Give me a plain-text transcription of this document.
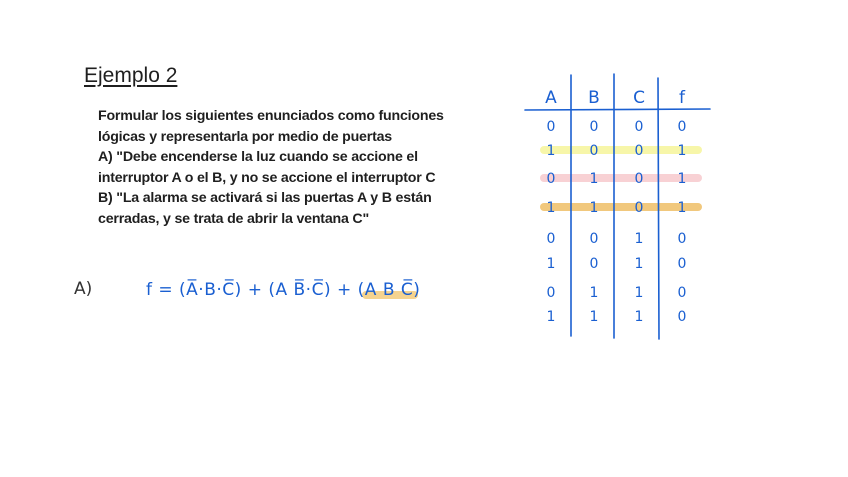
Ejemplo 2
Formular los siguientes enunciados como funciones
lógicas y representarla por medio de puertas
A) "Debe encenderse la luz cuando se accione el
interruptor A o el B, y no se accione el interruptor C
B) "La alarma se activará si las puertas A y B están
cerradas, y se trata de abrir la ventana C"
A)	f = (A̅·B·C̅) + (A B̅·C̅) +
(A B C̅)
A B C f
0 0	0 0
1 0	0 1
0 1	0 1
1 1	0 1
0 0	1 0
1 0	1 0
0 1	1 0
1 1	1 0
